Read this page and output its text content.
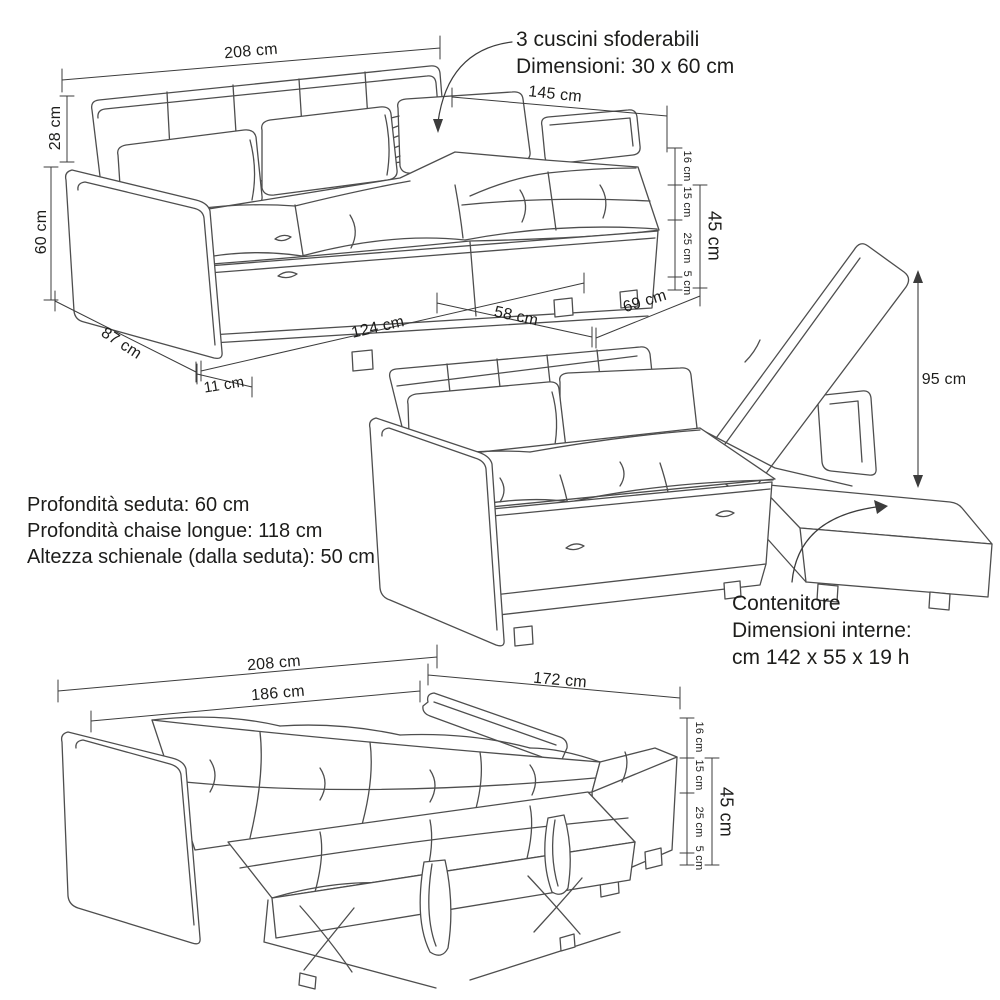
208 cm
28 cm
60 cm
145 cm
16 cm
15 cm
25 cm
5 cm
45 cm
58 cm
69 cm
124 cm
87 cm
11 cm	95 cm
208 cm
186 cm
172 cm
16 cm
15 cm
25 cm
5 cm
45 cm
3 cuscini sfoderabili
Dimensioni: 30 x 60 cm
Profondità seduta: 60 cm
Profondità chaise longue: 118 cm
Altezza schienale (dalla seduta): 50 cm
Contenitore
Dimensioni interne:
cm 142 x 55 x 19 h
